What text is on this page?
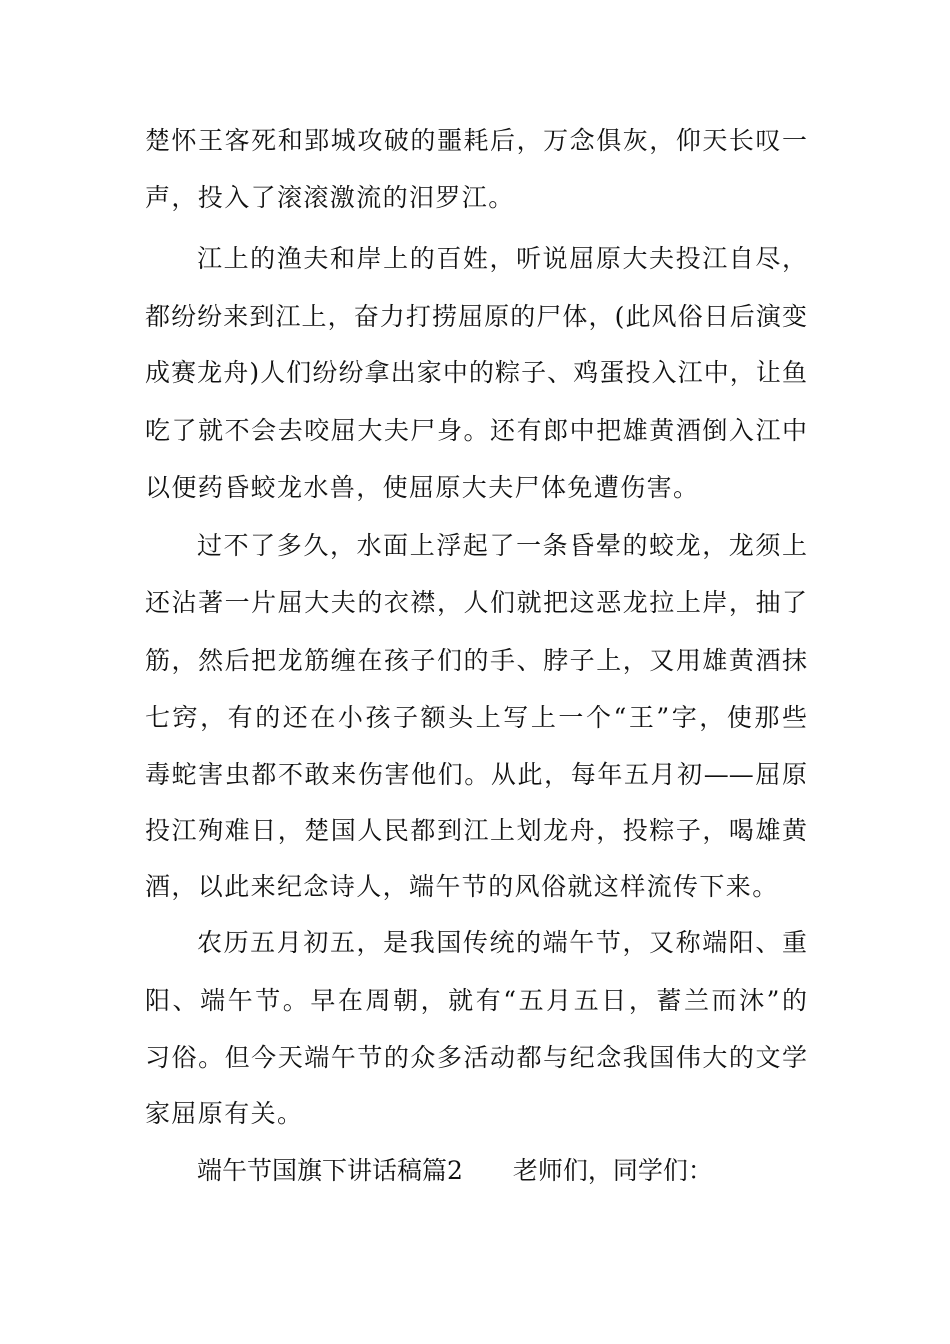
楚怀王客死和郢城攻破的噩耗后，万念俱灰，仰天长叹一
声，投入了滚滚激流的汨罗江。
江上的渔夫和岸上的百姓，听说屈原大夫投江自尽，
都纷纷来到江上，奋力打捞屈原的尸体，(此风俗日后演变
成赛龙舟)人们纷纷拿出家中的粽子、鸡蛋投入江中，让鱼
吃了就不会去咬屈大夫尸身。还有郎中把雄黄酒倒入江中
以便药昏蛟龙水兽，使屈原大夫尸体免遭伤害。
过不了多久，水面上浮起了一条昏晕的蛟龙，龙须上
还沾著一片屈大夫的衣襟，人们就把这恶龙拉上岸，抽了
筋，然后把龙筋缠在孩子们的手、脖子上，又用雄黄酒抹
七窍，有的还在小孩子额头上写上一个“王”字，使那些
毒蛇害虫都不敢来伤害他们。从此，每年五月初——屈原
投江殉难日，楚国人民都到江上划龙舟，投粽子，喝雄黄
酒，以此来纪念诗人，端午节的风俗就这样流传下来。
农历五月初五，是我国传统的端午节，又称端阳、重
阳、端午节。早在周朝，就有“五月五日，蓄兰而沐”的
习俗。但今天端午节的众多活动都与纪念我国伟大的文学
家屈原有关。
端午节国旗下讲话稿篇2 老师们，同学们：
